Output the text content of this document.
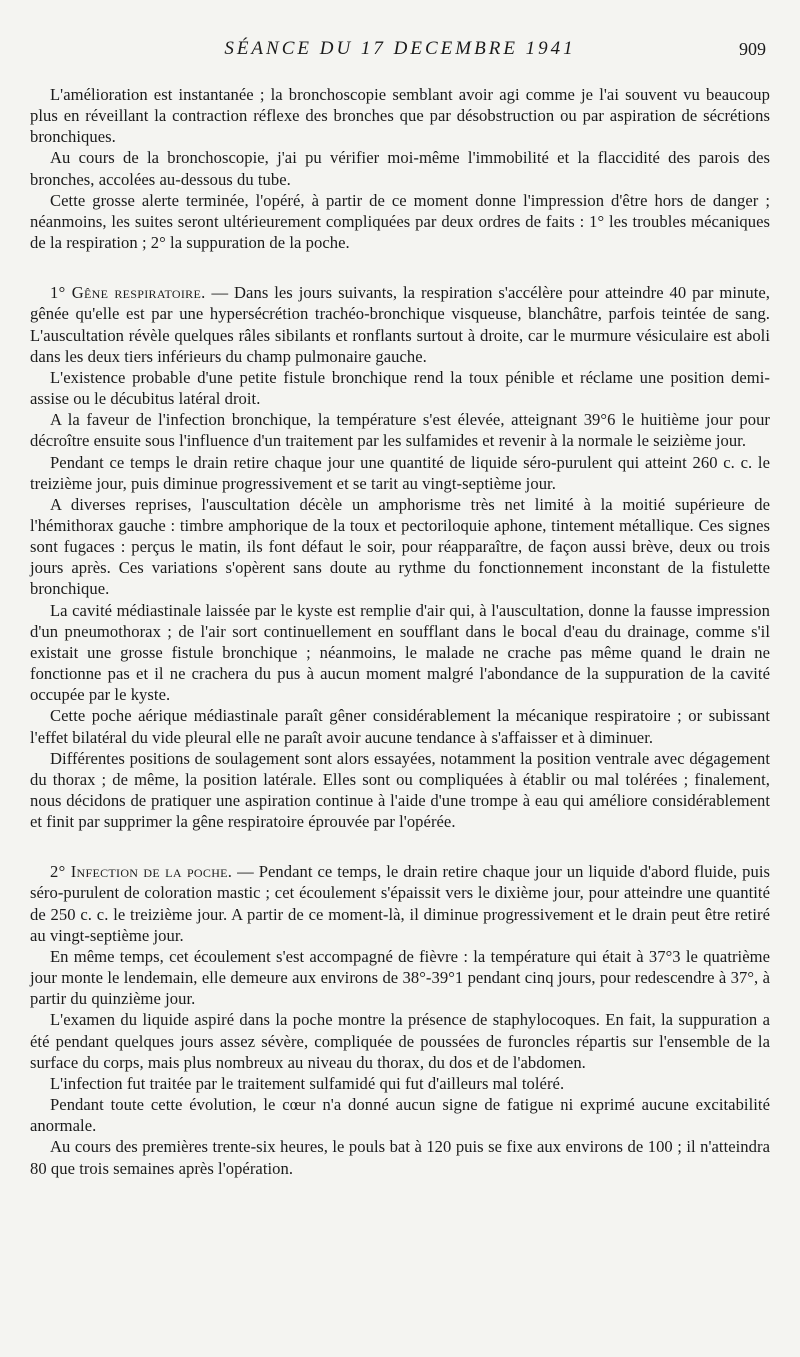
SÉANCE DU 17 DECEMBRE 1941	909

L'amélioration est instantanée ; la bronchoscopie semblant avoir agi comme je l'ai souvent vu beaucoup plus en réveillant la contraction réflexe des bronches que par désobstruction ou par aspiration de sécrétions bronchiques.

Au cours de la bronchoscopie, j'ai pu vérifier moi-même l'immobilité et la flaccidité des parois des bronches, accolées au-dessous du tube.

Cette grosse alerte terminée, l'opéré, à partir de ce moment donne l'impression d'être hors de danger ; néanmoins, les suites seront ultérieurement compliquées par deux ordres de faits : 1° les troubles mécaniques de la respiration ; 2° la suppuration de la poche.

1° Gêne respiratoire. — Dans les jours suivants, la respiration s'accélère pour atteindre 40 par minute, gênée qu'elle est par une hypersécrétion trachéo-bronchique visqueuse, blanchâtre, parfois teintée de sang. L'auscultation révèle quelques râles sibilants et ronflants surtout à droite, car le murmure vésiculaire est aboli dans les deux tiers inférieurs du champ pulmonaire gauche.

L'existence probable d'une petite fistule bronchique rend la toux pénible et réclame une position demi-assise ou le décubitus latéral droit.

A la faveur de l'infection bronchique, la température s'est élevée, atteignant 39°6 le huitième jour pour décroître ensuite sous l'influence d'un traitement par les sulfamides et revenir à la normale le seizième jour.

Pendant ce temps le drain retire chaque jour une quantité de liquide séro-purulent qui atteint 260 c. c. le treizième jour, puis diminue progressivement et se tarit au vingt-septième jour.

A diverses reprises, l'auscultation décèle un amphorisme très net limité à la moitié supérieure de l'hémithorax gauche : timbre amphorique de la toux et pectoriloquie aphone, tintement métallique. Ces signes sont fugaces : perçus le matin, ils font défaut le soir, pour réapparaître, de façon aussi brève, deux ou trois jours après. Ces variations s'opèrent sans doute au rythme du fonctionnement inconstant de la fistulette bronchique.

La cavité médiastinale laissée par le kyste est remplie d'air qui, à l'auscultation, donne la fausse impression d'un pneumothorax ; de l'air sort continuellement en soufflant dans le bocal d'eau du drainage, comme s'il existait une grosse fistule bronchique ; néanmoins, le malade ne crache pas même quand le drain ne fonctionne pas et il ne crachera du pus à aucun moment malgré l'abondance de la suppuration de la cavité occupée par le kyste.

Cette poche aérique médiastinale paraît gêner considérablement la mécanique respiratoire ; or subissant l'effet bilatéral du vide pleural elle ne paraît avoir aucune tendance à s'affaisser et à diminuer.

Différentes positions de soulagement sont alors essayées, notamment la position ventrale avec dégagement du thorax ; de même, la position latérale. Elles sont ou compliquées à établir ou mal tolérées ; finalement, nous décidons de pratiquer une aspiration continue à l'aide d'une trompe à eau qui améliore considérablement et finit par supprimer la gêne respiratoire éprouvée par l'opérée.

2° Infection de la poche. — Pendant ce temps, le drain retire chaque jour un liquide d'abord fluide, puis séro-purulent de coloration mastic ; cet écoulement s'épaissit vers le dixième jour, pour atteindre une quantité de 250 c. c. le treizième jour. A partir de ce moment-là, il diminue progressivement et le drain peut être retiré au vingt-septième jour.

En même temps, cet écoulement s'est accompagné de fièvre : la température qui était à 37°3 le quatrième jour monte le lendemain, elle demeure aux environs de 38°-39°1 pendant cinq jours, pour redescendre à 37°, à partir du quinzième jour.

L'examen du liquide aspiré dans la poche montre la présence de staphylocoques. En fait, la suppuration a été pendant quelques jours assez sévère, compliquée de poussées de furoncles répartis sur l'ensemble de la surface du corps, mais plus nombreux au niveau du thorax, du dos et de l'abdomen.

L'infection fut traitée par le traitement sulfamidé qui fut d'ailleurs mal toléré.

Pendant toute cette évolution, le cœur n'a donné aucun signe de fatigue ni exprimé aucune excitabilité anormale.

Au cours des premières trente-six heures, le pouls bat à 120 puis se fixe aux environs de 100 ; il n'atteindra 80 que trois semaines après l'opération.
